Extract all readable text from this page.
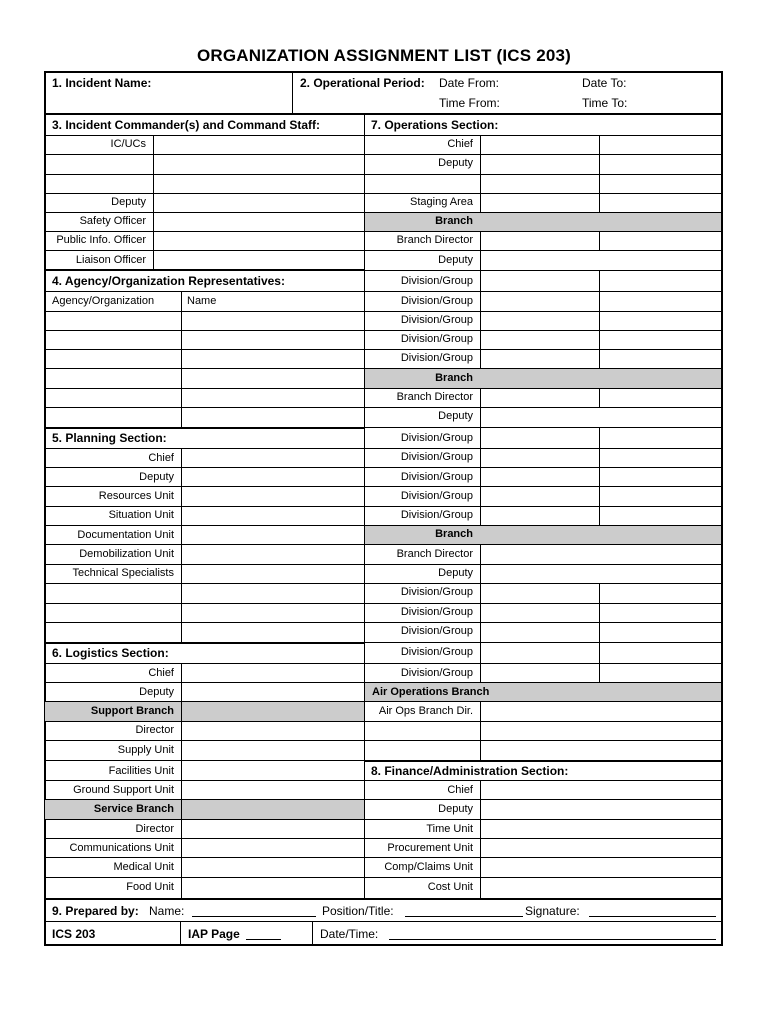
ORGANIZATION ASSIGNMENT LIST (ICS 203)
1. Incident Name:	2. Operational Period: Date From:	Date To:
Time From:	Time To:
3. Incident Commander(s) and Command Staff:
IC/UCs
Deputy
Safety Officer
Public Info. Officer
Liaison Officer
4. Agency/Organization Representatives:
Agency/Organization	Name
5. Planning Section:
Chief
Deputy
Resources Unit
Situation Unit
Documentation Unit
Demobilization Unit
Technical Specialists
6. Logistics Section:
Chief
Deputy
Support Branch
Director
Supply Unit
Facilities Unit
Ground Support Unit
Service Branch
Director
Communications Unit
Medical Unit
Food Unit
7. Operations Section:
Chief
Deputy
Staging Area
Branch
Branch Director
Deputy
Division/Group
Division/Group
Division/Group
Division/Group
Division/Group
Branch
Branch Director
Deputy
Division/Group
Division/Group
Division/Group
Division/Group
Division/Group
Branch
Branch Director
Deputy
Division/Group
Division/Group
Division/Group
Division/Group
Division/Group
Air Operations Branch
Air Ops Branch Dir.
8. Finance/Administration Section:
Chief
Deputy
Time Unit
Procurement Unit
Comp/Claims Unit
Cost Unit
9. Prepared by: Name:	Position/Title:	Signature:
ICS 203	IAP Page	Date/Time:
